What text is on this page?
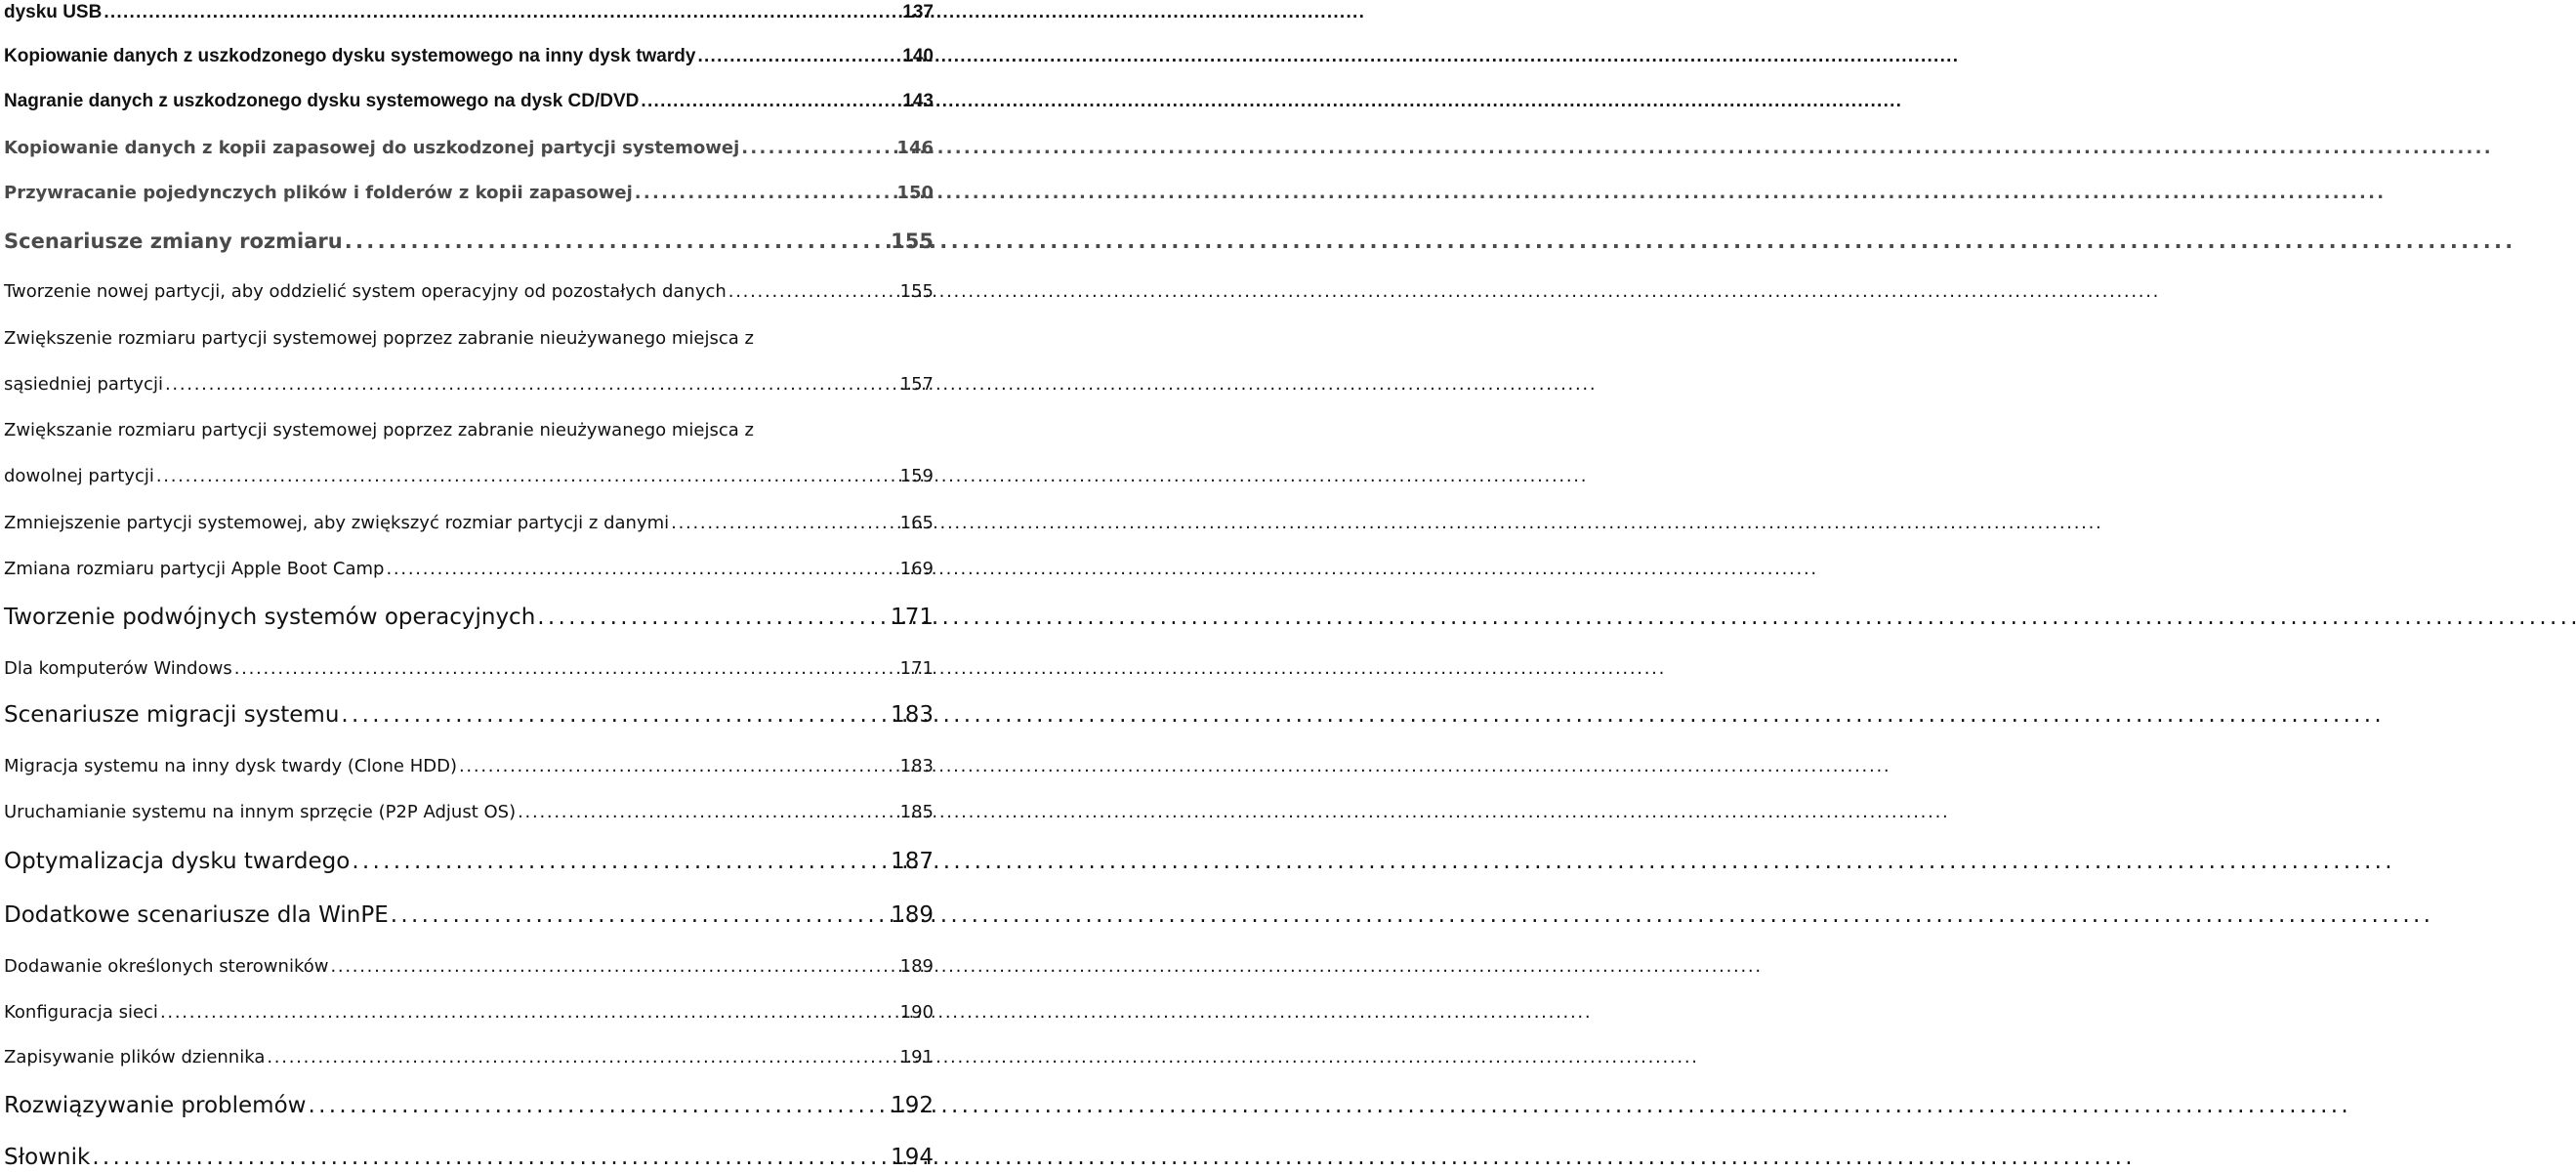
dysku USB . . .	137
Kopiowanie danych z uszkodzonego dysku systemowego na inny dysk twardy . . .	140
Nagranie danych z uszkodzonego dysku systemowego na dysk CD/DVD . . .	143
Kopiowanie danych z kopii zapasowej do uszkodzonej partycji systemowej . . .	146
Przywracanie pojedynczych plików i folderów z kopii zapasowej . . .	150
Scenariusze zmiany rozmiaru . . .	155
Tworzenie nowej partycji, aby oddzielić system operacyjny od pozostałych danych . . .	155
Zwiększenie rozmiaru partycji systemowej poprzez zabranie nieużywanego miejsca z
sąsiedniej partycji . . .	157
Zwiększanie rozmiaru partycji systemowej poprzez zabranie nieużywanego miejsca z
dowolnej partycji . . .	159
Zmniejszenie partycji systemowej, aby zwiększyć rozmiar partycji z danymi . . .	165
Zmiana rozmiaru partycji Apple Boot Camp . . .	169
Tworzenie podwójnych systemów operacyjnych . . .	171
Dla komputerów Windows . . .	171
Scenariusze migracji systemu . . .	183
Migracja systemu na inny dysk twardy (Clone HDD) . . .	183
Uruchamianie systemu na innym sprzęcie (P2P Adjust OS) . . .	185
Optymalizacja dysku twardego . . .	187
Dodatkowe scenariusze dla WinPE . . .	189
Dodawanie określonych sterowników . . .	189
Konfiguracja sieci . . .	190
Zapisywanie plików dziennika . . .	191
Rozwiązywanie problemów . . .	192
Słownik . . .	194
